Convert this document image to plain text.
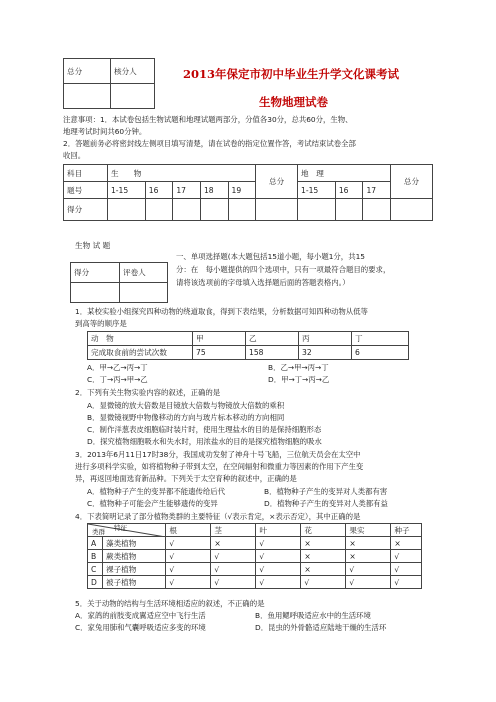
总分	核分人
		2013年保定市初中毕业生升学文化课考试
生物地理试卷
注意事项：1．本试卷包括生物试题和地理试题两部分，分值各30分，总共60分，生物、
地理考试时间共60分钟。
2．答题前务必将密封线左侧项目填写清楚，请在试卷的指定位置作答，考试结束试卷全部
收回。
科目	生　　物					总分	地　理			总分
题号	1-15	16	17	18	19		1-15	16	17	
得分										
生物 试 题
得分	评卷人

一、单项选择题(本大题包括15道小题，每小题1分，共15
分：在　每小题提供的四个选项中，只有一项最符合题目的要求，
请将该选项前的字母填入选择题后面的答题表格内。）
1．某校实验小组探究四种动物的绕道取食，得到下表结果，分析数据可知四种动物从低等
到高等的顺序是
动　物	甲	乙	丙	丁
完成取食前的尝试次数	75	158	32	6
A．甲→乙→丙→丁	B．乙→甲→丙→丁
C．丁→丙→甲→乙	D．甲→丁→丙→乙
2．下列有关生物实验内容的叙述，正确的是
A．显微镜的放大倍数是目镜放大倍数与物镜放大倍数的乘积
B．显微镜视野中物像移动的方向与玻片标本移动的方向相同
C．制作洋葱表皮细胞临时装片时，使用生理盐水的目的是保持细胞形态
D．探究植物细胞吸水和失水时，用浓盐水的目的是探究植物细胞的吸水
3．2013年6月11日17时38分，我国成功发射了神舟十号飞船，三位航天员会在太空中
进行多项科学实验，如将植物种子带到太空，在空间辐射和微重力等因素的作用下产生变
异，再返回地面选育新品种。下列关于太空育种的叙述中，正确的是
A．植物种子产生的变异都不能遗传给后代	B．植物种子产生的变异对人类都有害
C．植物种子可能会产生能够遗传的变异	D．植物种子产生的变异对人类都有益
4．下表简明记录了部分植物类群的主要特征（√表示肯定，×表示否定），其中正确的是
类群 特征		根	茎	叶	花	果实	种子
A	藻类植物	√	×	√	×	×	×
B	蕨类植物	√	√	√	×	×	√
C	裸子植物	√	√	√	×	√	√
D	被子植物	√	√	√	√	√	√
5．关于动物的结构与生活环境相适应的叙述，不正确的是
A．家鸽的前肢变成翼适应空中飞行生活	B．鱼用鳃呼吸适应水中的生活环境
C．家兔用肺和气囊呼吸适应多变的环境	D．昆虫的外骨骼适应陆地干燥的生活环
